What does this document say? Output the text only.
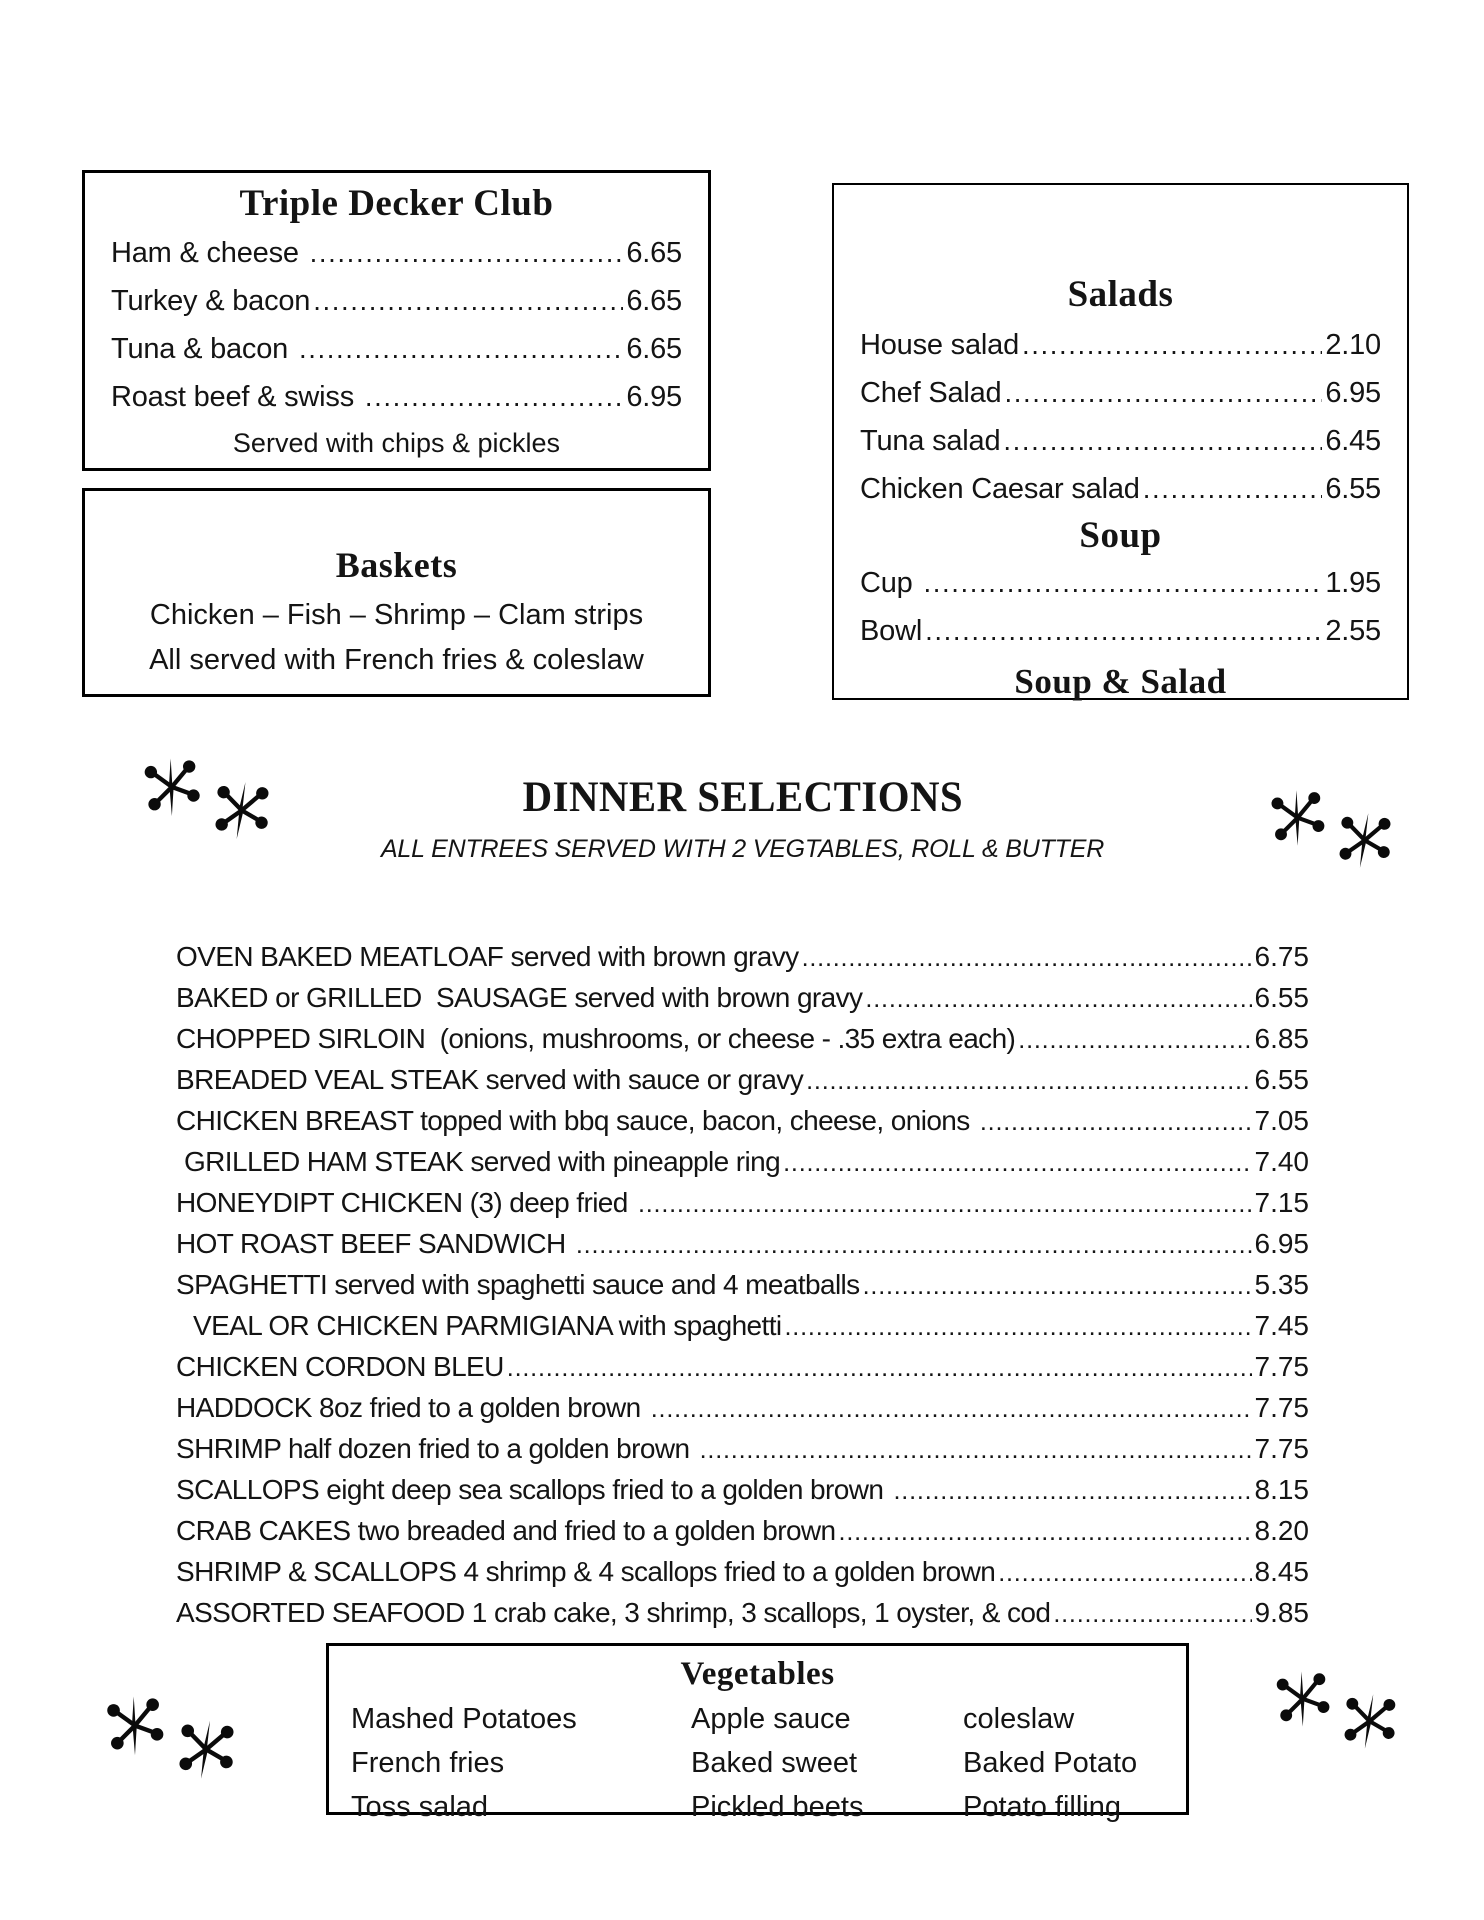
Triple Decker Club
Ham & cheese .....	6.65
Turkey & bacon .....	6.65
Tuna & bacon .....	6.65
Roast beef & swiss .....	6.95
Served with chips & pickles
Baskets
Chicken – Fish – Shrimp – Clam strips
All served with French fries & coleslaw
Salads
House salad .....	2.10
Chef Salad .....	6.95
Tuna salad .....	6.45
Chicken Caesar salad .....	6.55
Soup
Cup .....	1.95
Bowl .....	2.55
Soup & Salad
DINNER SELECTIONS
ALL ENTREES SERVED WITH 2 VEGTABLES, ROLL & BUTTER
OVEN BAKED MEATLOAF served with brown gravy .....	6.75
BAKED or GRILLED  SAUSAGE served with brown gravy .....	6.55
CHOPPED SIRLOIN  (onions, mushrooms, or cheese - .35 extra each) .....	6.85
BREADED VEAL STEAK served with sauce or gravy .....	6.55
CHICKEN BREAST topped with bbq sauce, bacon, cheese, onions .....	7.05
GRILLED HAM STEAK served with pineapple ring .....	7.40
HONEYDIPT CHICKEN (3) deep fried .....	7.15
HOT ROAST BEEF SANDWICH .....	6.95
SPAGHETTI served with spaghetti sauce and 4 meatballs .....	5.35
VEAL OR CHICKEN PARMIGIANA with spaghetti .....	7.45
CHICKEN CORDON BLEU .....	7.75
HADDOCK 8oz fried to a golden brown .....	7.75
SHRIMP half dozen fried to a golden brown .....	7.75
SCALLOPS eight deep sea scallops fried to a golden brown .....	8.15
CRAB CAKES two breaded and fried to a golden brown .....	8.20
SHRIMP & SCALLOPS 4 shrimp & 4 scallops fried to a golden brown .....	8.45
ASSORTED SEAFOOD 1 crab cake, 3 shrimp, 3 scallops, 1 oyster, & cod .....	9.85
Vegetables
Mashed Potatoes	Apple sauce	coleslaw
French fries	Baked sweet	Baked Potato
Toss salad	Pickled beets	Potato filling
